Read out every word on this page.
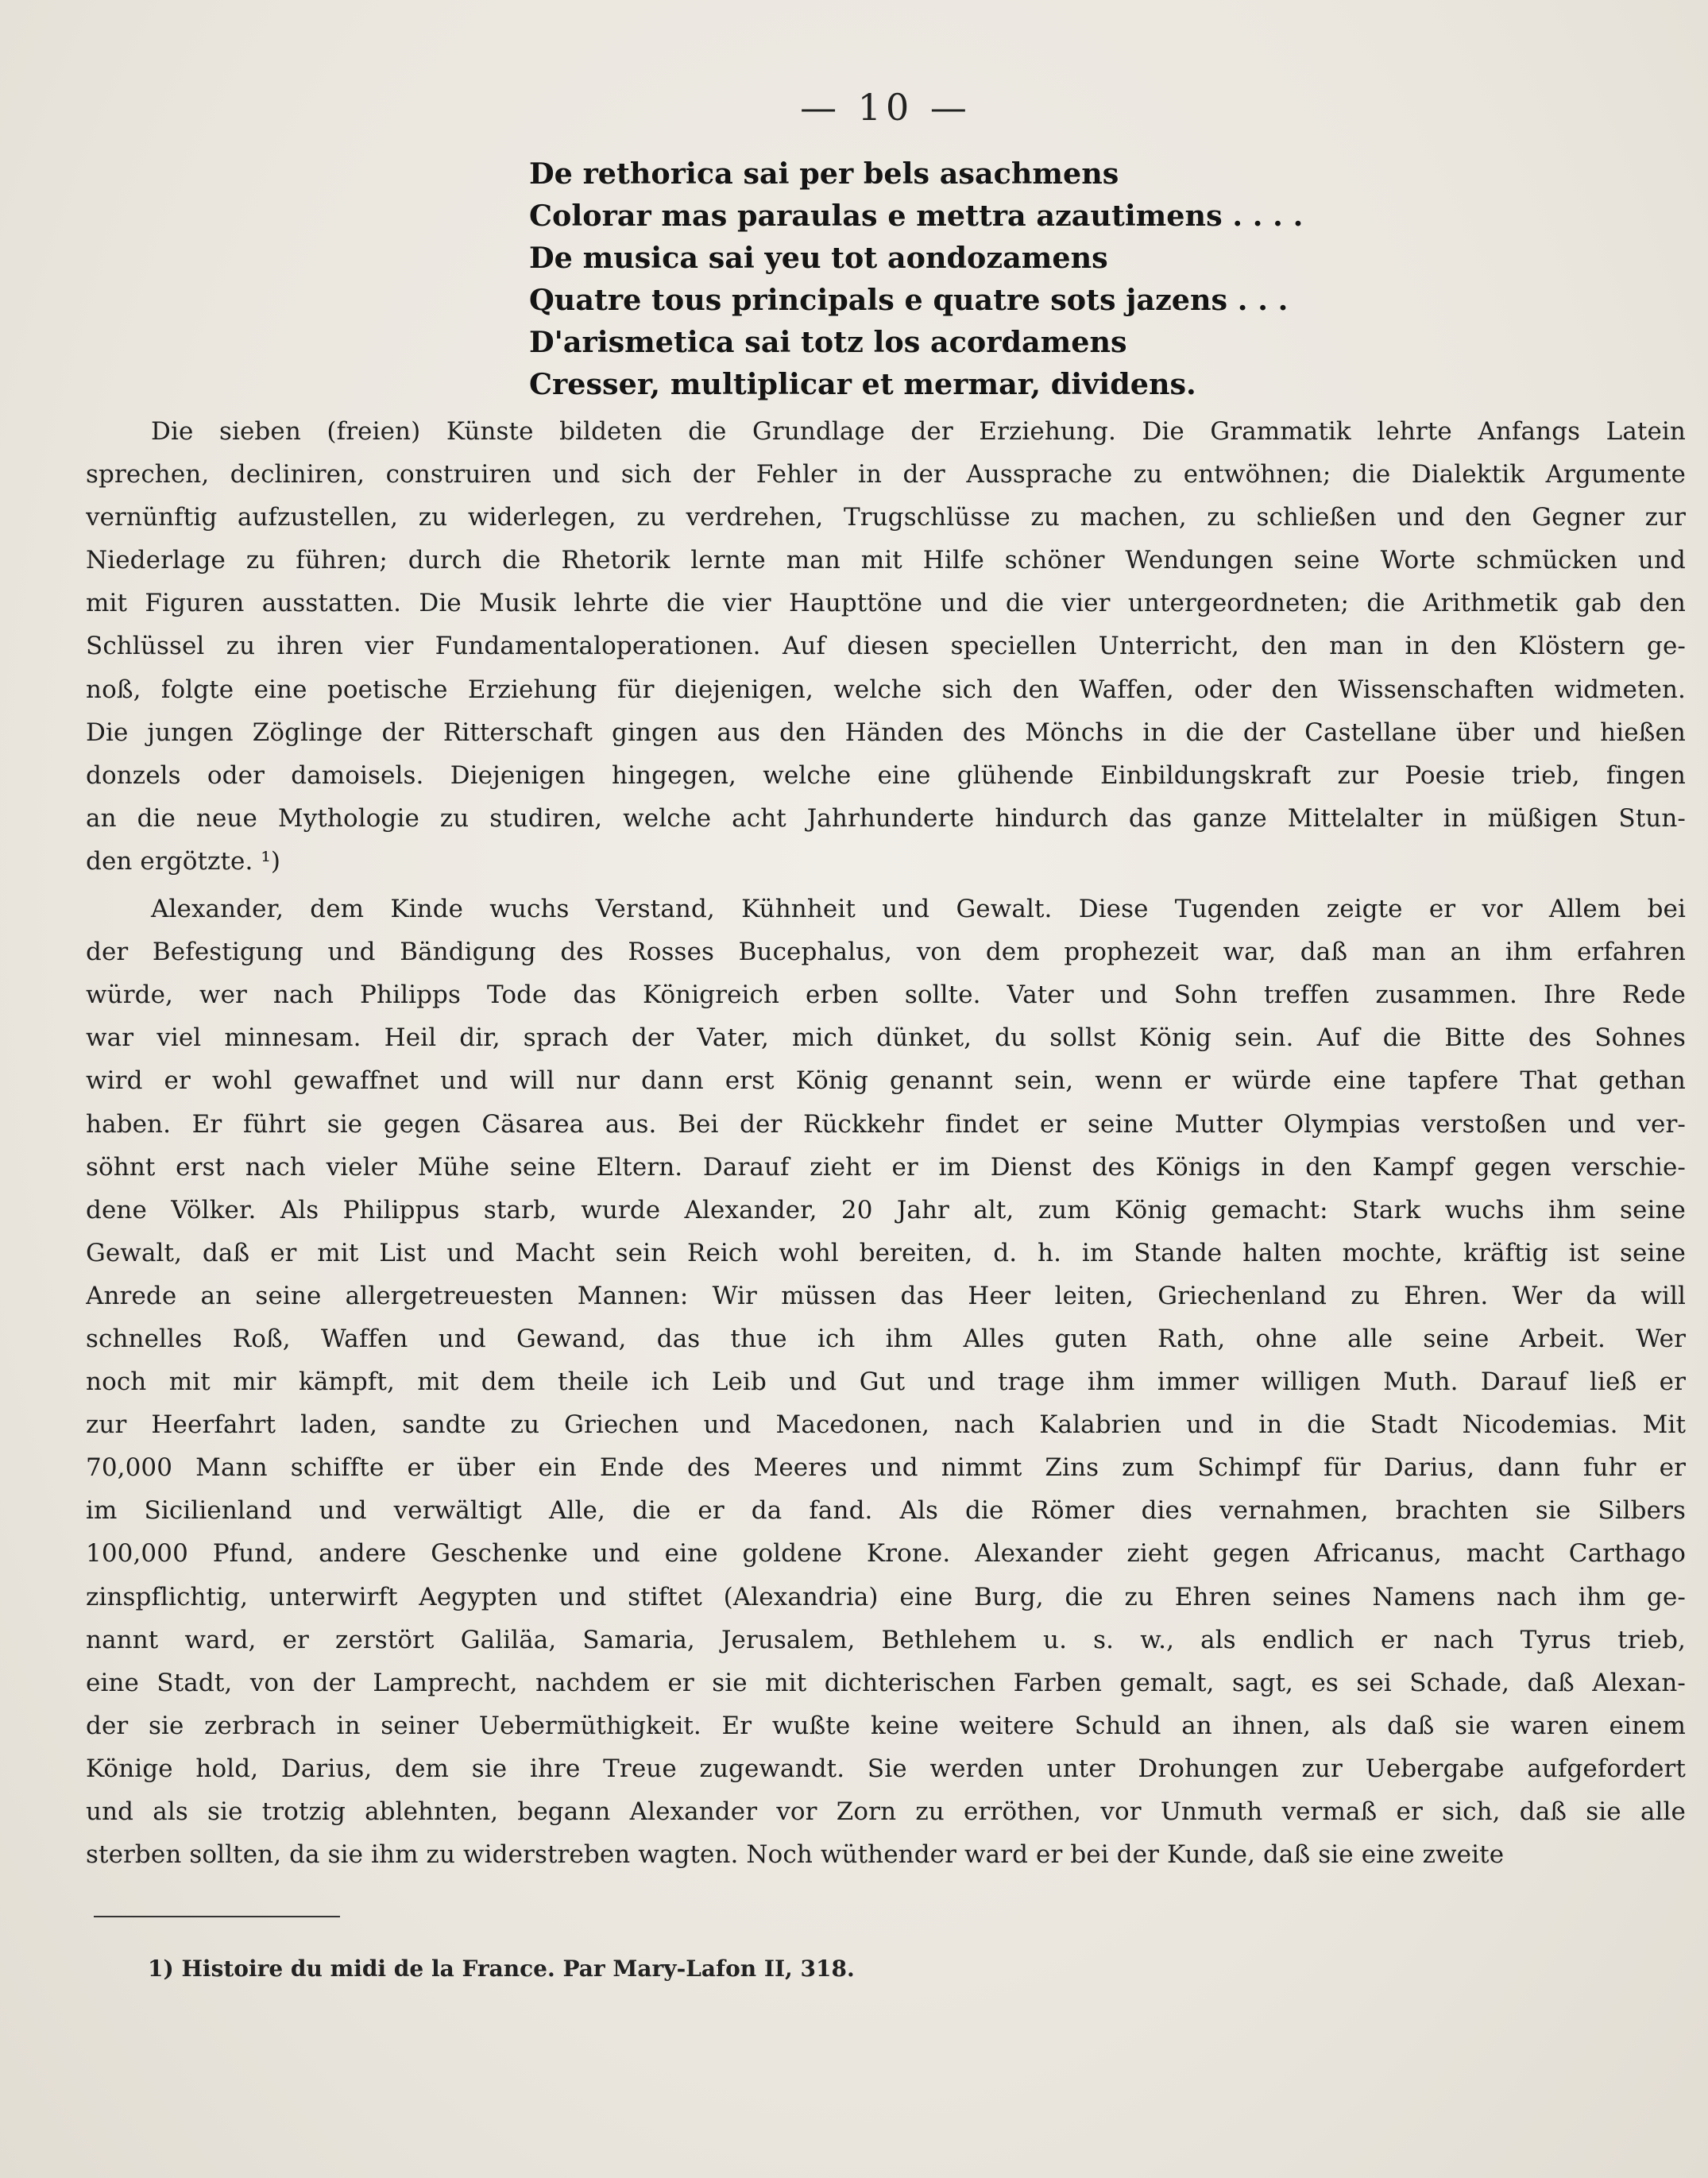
— 10 —
De rethorica sai per bels asachmens
Colorar mas paraulas e mettra azautimens . . . .
De musica sai yeu tot aondozamens
Quatre tous principals e quatre sots jazens . . .
D'arismetica sai totz los acordamens
Cresser, multiplicar et mermar, dividens.
Die sieben (freien) Künste bildeten die Grundlage der Erziehung. Die Grammatik lehrte Anfangs Latein
sprechen, decliniren, construiren und sich der Fehler in der Aussprache zu entwöhnen; die Dialektik Argumente
vernünftig aufzustellen, zu widerlegen, zu verdrehen, Trugschlüsse zu machen, zu schließen und den Gegner zur
Niederlage zu führen; durch die Rhetorik lernte man mit Hilfe schöner Wendungen seine Worte schmücken und
mit Figuren ausstatten. Die Musik lehrte die vier Haupttöne und die vier untergeordneten; die Arithmetik gab den
Schlüssel zu ihren vier Fundamentaloperationen. Auf diesen speciellen Unterricht, den man in den Klöstern ge-
noß, folgte eine poetische Erziehung für diejenigen, welche sich den Waffen, oder den Wissenschaften widmeten.
Die jungen Zöglinge der Ritterschaft gingen aus den Händen des Mönchs in die der Castellane über und hießen
donzels oder damoisels. Diejenigen hingegen, welche eine glühende Einbildungskraft zur Poesie trieb, fingen
an die neue Mythologie zu studiren, welche acht Jahrhunderte hindurch das ganze Mittelalter in müßigen Stun-
den ergötzte. ¹)
Alexander, dem Kinde wuchs Verstand, Kühnheit und Gewalt. Diese Tugenden zeigte er vor Allem bei
der Befestigung und Bändigung des Rosses Bucephalus, von dem prophezeit war, daß man an ihm erfahren
würde, wer nach Philipps Tode das Königreich erben sollte. Vater und Sohn treffen zusammen. Ihre Rede
war viel minnesam. Heil dir, sprach der Vater, mich dünket, du sollst König sein. Auf die Bitte des Sohnes
wird er wohl gewaffnet und will nur dann erst König genannt sein, wenn er würde eine tapfere That gethan
haben. Er führt sie gegen Cäsarea aus. Bei der Rückkehr findet er seine Mutter Olympias verstoßen und ver-
söhnt erst nach vieler Mühe seine Eltern. Darauf zieht er im Dienst des Königs in den Kampf gegen verschie-
dene Völker. Als Philippus starb, wurde Alexander, 20 Jahr alt, zum König gemacht: Stark wuchs ihm seine
Gewalt, daß er mit List und Macht sein Reich wohl bereiten, d. h. im Stande halten mochte, kräftig ist seine
Anrede an seine allergetreuesten Mannen: Wir müssen das Heer leiten, Griechenland zu Ehren. Wer da will
schnelles Roß, Waffen und Gewand, das thue ich ihm Alles guten Rath, ohne alle seine Arbeit. Wer
noch mit mir kämpft, mit dem theile ich Leib und Gut und trage ihm immer willigen Muth. Darauf ließ er
zur Heerfahrt laden, sandte zu Griechen und Macedonen, nach Kalabrien und in die Stadt Nicodemias. Mit
70,000 Mann schiffte er über ein Ende des Meeres und nimmt Zins zum Schimpf für Darius, dann fuhr er
im Sicilienland und verwältigt Alle, die er da fand. Als die Römer dies vernahmen, brachten sie Silbers
100,000 Pfund, andere Geschenke und eine goldene Krone. Alexander zieht gegen Africanus, macht Carthago
zinspflichtig, unterwirft Aegypten und stiftet (Alexandria) eine Burg, die zu Ehren seines Namens nach ihm ge-
nannt ward, er zerstört Galiläa, Samaria, Jerusalem, Bethlehem u. s. w., als endlich er nach Tyrus trieb,
eine Stadt, von der Lamprecht, nachdem er sie mit dichterischen Farben gemalt, sagt, es sei Schade, daß Alexan-
der sie zerbrach in seiner Uebermüthigkeit. Er wußte keine weitere Schuld an ihnen, als daß sie waren einem
Könige hold, Darius, dem sie ihre Treue zugewandt. Sie werden unter Drohungen zur Uebergabe aufgefordert
und als sie trotzig ablehnten, begann Alexander vor Zorn zu erröthen, vor Unmuth vermaß er sich, daß sie alle
sterben sollten, da sie ihm zu widerstreben wagten. Noch wüthender ward er bei der Kunde, daß sie eine zweite
1) Histoire du midi de la France. Par Mary-Lafon II, 318.
